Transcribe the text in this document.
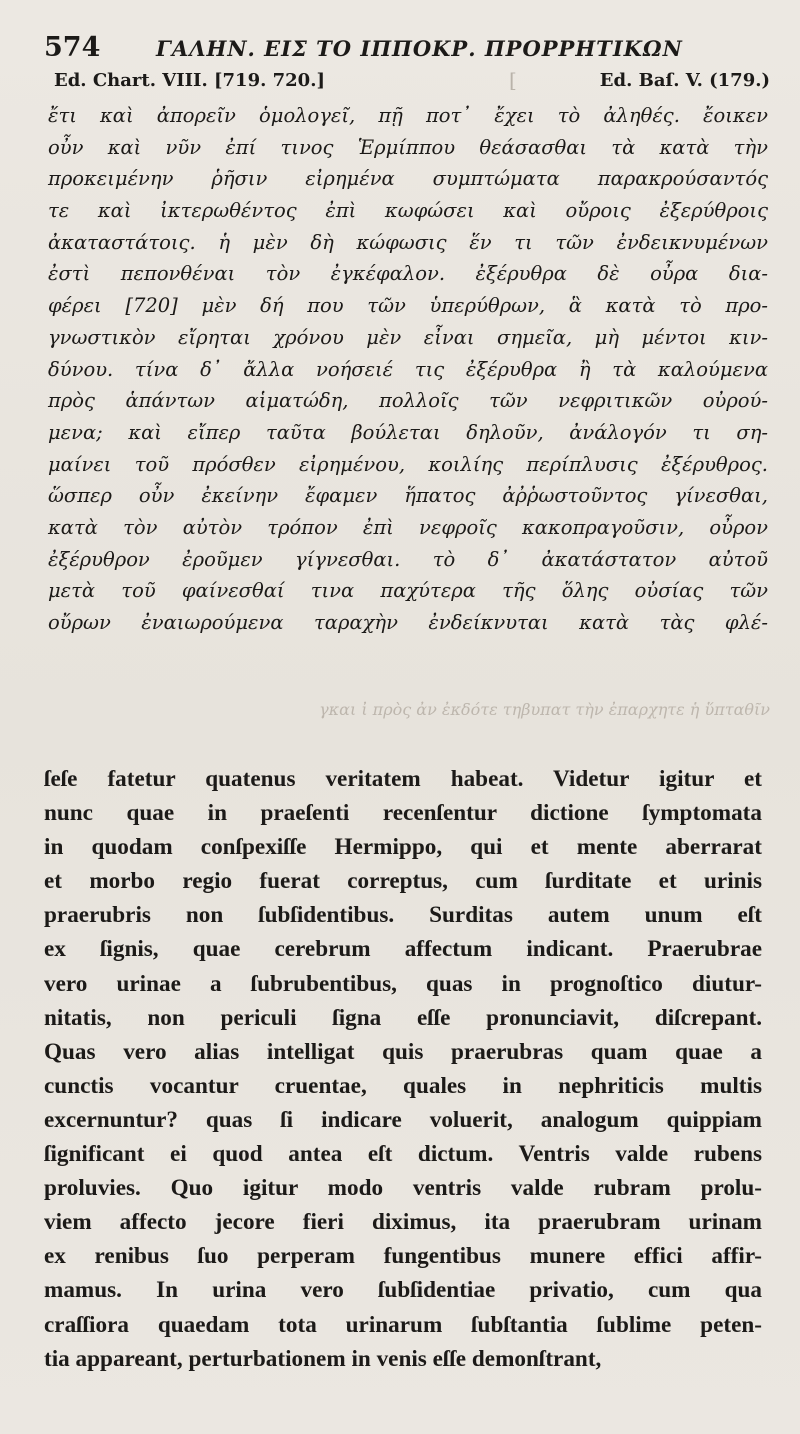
574	ΓΑΛΗΝ. ΕΙΣ ΤΟ ΙΠΠΟΚΡ. ΠΡΟΡΡΗΤΙΚΩΝ
Ed. Chart. VIII. [719. 720.]	[	Ed. Baſ. V. (179.)
ἔτι καὶ ἀπορεῖν ὁμολογεῖ, πῇ ποτ᾽ ἔχει τὸ ἀληθές. ἔοικεν
οὖν καὶ νῦν ἐπί τινος Ἑρμίππου θεάσασθαι τὰ κατὰ τὴν
προκειμένην ῥῆσιν εἰρημένα συμπτώματα παρακρούσαντός
τε καὶ ἰκτερωθέντος ἐπὶ κωφώσει καὶ οὔροις ἐξερύθροις
ἀκαταστάτοις. ἡ μὲν δὴ κώφωσις ἕν τι τῶν ἐνδεικνυμένων
ἐστὶ πεπονθέναι τὸν ἐγκέφαλον. ἐξέρυθρα δὲ οὖρα δια-
φέρει [720] μὲν δή που τῶν ὑπερύθρων, ἃ κατὰ τὸ προ-
γνωστικὸν εἴρηται χρόνου μὲν εἶναι σημεῖα, μὴ μέντοι κιν-
δύνου. τίνα δ᾽ ἄλλα νοήσειέ τις ἐξέρυθρα ἢ τὰ καλούμενα
πρὸς ἁπάντων αἱματώδη, πολλοῖς τῶν νεφριτικῶν οὐρού-
μενα; καὶ εἴπερ ταῦτα βούλεται δηλοῦν, ἀνάλογόν τι ση-
μαίνει τοῦ πρόσθεν εἰρημένου, κοιλίης περίπλυσις ἐξέρυθρος.
ὥσπερ οὖν ἐκείνην ἔφαμεν ἥπατος ἀῤῥωστοῦντος γίνεσθαι,
κατὰ τὸν αὐτὸν τρόπον ἐπὶ νεφροῖς κακοπραγοῦσιν, οὖρον
ἐξέρυθρον ἐροῦμεν γίγνεσθαι. τὸ δ᾽ ἀκατάστατον αὐτοῦ
μετὰ τοῦ φαίνεσθαί τινα παχύτερα τῆς ὅλης οὐσίας τῶν
οὔρων ἐναιωρούμενα ταραχὴν ἐνδείκνυται κατὰ τὰς φλέ-
γκαι ἰ πρὸς ἀν ἐκδότε τηβυπατ τὴν ἐπαρχητε ἡ ὕπταθῖν
ſeſe fatetur quatenus veritatem habeat. Videtur igitur et
nunc quae in praeſenti recenſentur dictione ſymptomata
in quodam conſpexiſſe Hermippo, qui et mente aberrarat
et morbo regio fuerat correptus, cum ſurditate et urinis
praerubris non ſubſidentibus. Surditas autem unum eſt
ex ſignis, quae cerebrum affectum indicant. Praerubrae
vero urinae a ſubrubentibus, quas in prognoſtico diutur-
nitatis, non periculi ſigna eſſe pronunciavit, diſcrepant.
Quas vero alias intelligat quis praerubras quam quae a
cunctis vocantur cruentae, quales in nephriticis multis
excernuntur? quas ſi indicare voluerit, analogum quippiam
ſignificant ei quod antea eſt dictum. Ventris valde rubens
proluvies. Quo igitur modo ventris valde rubram prolu-
viem affecto jecore fieri diximus, ita praerubram urinam
ex renibus ſuo perperam fungentibus munere effici affir-
mamus. In urina vero ſubſidentiae privatio, cum qua
craſſiora quaedam tota urinarum ſubſtantia ſublime peten-
tia appareant, perturbationem in venis eſſe demonſtrant,
